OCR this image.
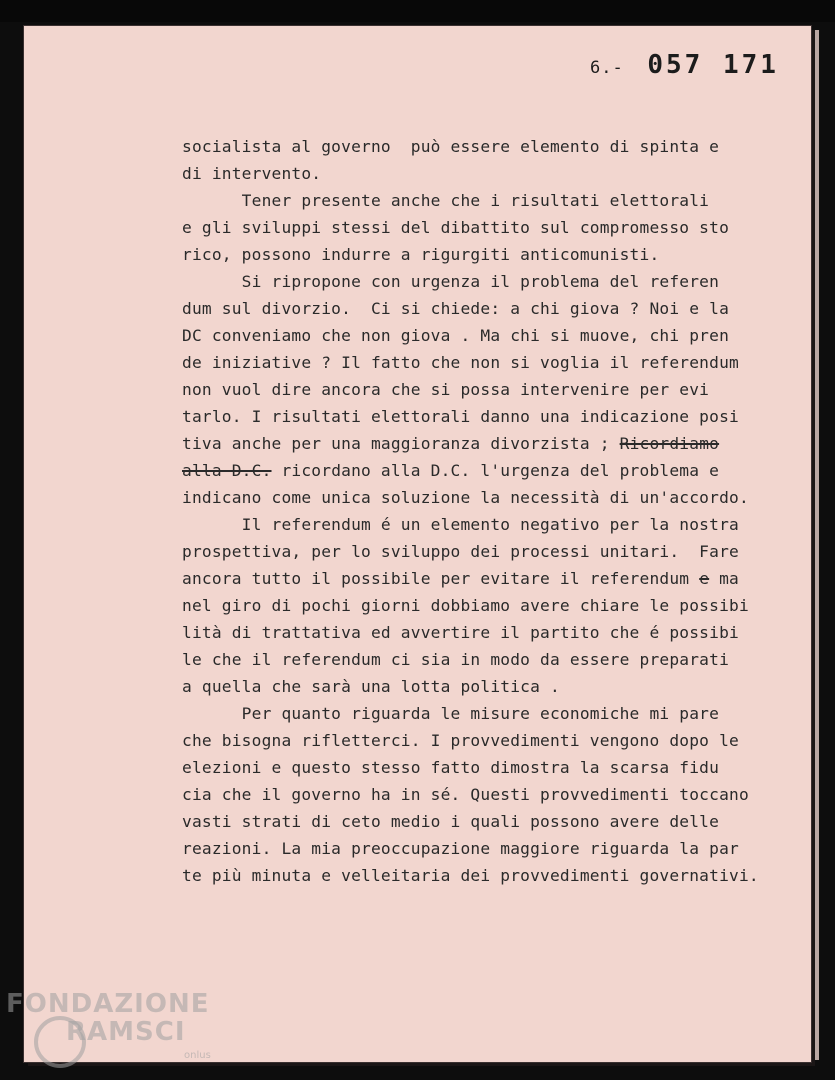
6.- 057 171
socialista al governo  può essere elemento di spinta e
di intervento.
Tener presente anche che i risultati elettorali
e gli sviluppi stessi del dibattito sul compromesso sto
rico, possono indurre a rigurgiti anticomunisti.
Si ripropone con urgenza il problema del referen
dum sul divorzio.  Ci si chiede: a chi giova ? Noi e la
DC conveniamo che non giova . Ma chi si muove, chi pren
de iniziative ? Il fatto che non si voglia il referendum
non vuol dire ancora che si possa intervenire per evi
tarlo. I risultati elettorali danno una indicazione posi
tiva anche per una maggioranza divorzista ; Ricordiamo
alla D.C. ricordano alla D.C. l'urgenza del problema e
indicano come unica soluzione la necessità di un'accordo.
Il referendum é un elemento negativo per la nostra
prospettiva, per lo sviluppo dei processi unitari.  Fare
ancora tutto il possibile per evitare il referendum e ma
nel giro di pochi giorni dobbiamo avere chiare le possibi
lità di trattativa ed avvertire il partito che é possibi
le che il referendum ci sia in modo da essere preparati
a quella che sarà una lotta politica .
Per quanto riguarda le misure economiche mi pare
che bisogna rifletterci. I provvedimenti vengono dopo le
elezioni e questo stesso fatto dimostra la scarsa fidu
cia che il governo ha in sé. Questi provvedimenti toccano
vasti strati di ceto medio i quali possono avere delle
reazioni. La mia preoccupazione maggiore riguarda la par
te più minuta e velleitaria dei provvedimenti governativi.
FONDAZIONE
RAMSCI
onlus
